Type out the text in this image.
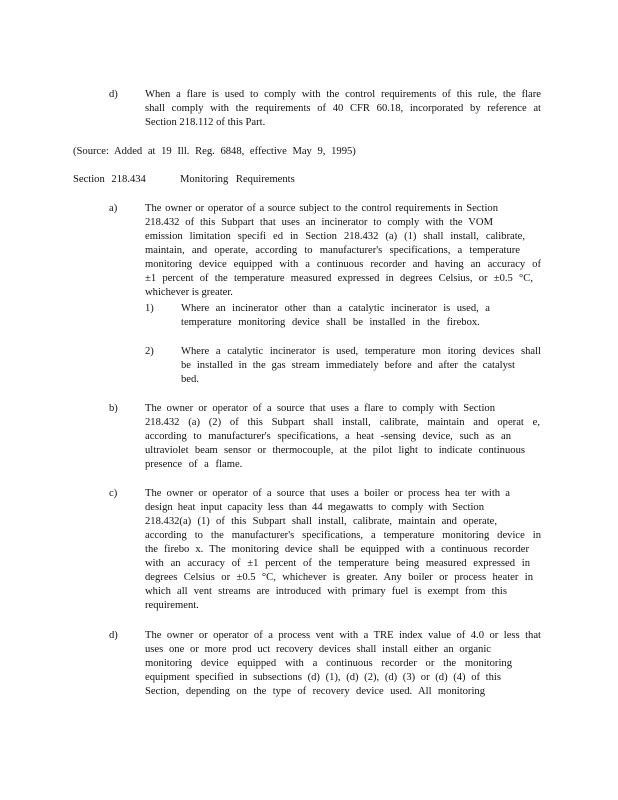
d)	When a flare is used to comply with the control requirements of this rule, the flare
shall comply with the requirements of 40 CFR 60.18, incorporated by reference at
Section 218.112 of this Part.
(Source: Added at 19 Ill. Reg. 6848, effective May 9, 1995)
Section 218.434	Monitoring Requirements
a)	The owner or operator of a source subject to the control requirements in Section
218.432 of this Subpart that uses an incinerator to comply with the VOM
emission limitation specifi ed in Section 218.432 (a) (1) shall install, calibrate,
maintain, and operate, according to manufacturer's specifications, a temperature
monitoring device equipped with a continuous recorder and having an accuracy of
±1 percent of the temperature measured expressed in degrees Celsius, or ±0.5 °C,
whichever is greater.
1)	Where an incinerator other than a catalytic incinerator is used, a
temperature monitoring device shall be installed in the firebox.
2)	Where a catalytic incinerator is used, temperature mon itoring devices shall
be installed in the gas stream immediately before and after the catalyst
bed.
b)	The owner or operator of a source that uses a flare to comply with Section
218.432 (a) (2) of this Subpart shall install, calibrate, maintain and operat e,
according to manufacturer's specifications, a heat -sensing device, such as an
ultraviolet beam sensor or thermocouple, at the pilot light to indicate continuous
presence of a flame.
c)	The owner or operator of a source that uses a boiler or process hea ter with a
design heat input capacity less than 44 megawatts to comply with Section
218.432(a) (1) of this Subpart shall install, calibrate, maintain and operate,
according to the manufacturer's specifications, a temperature monitoring device in
the firebo x. The monitoring device shall be equipped with a continuous recorder
with an accuracy of ±1 percent of the temperature being measured expressed in
degrees Celsius or ±0.5 °C, whichever is greater. Any boiler or process heater in
which all vent streams are introduced with primary fuel is exempt from this
requirement.
d)	The owner or operator of a process vent with a TRE index value of 4.0 or less that
uses one or more prod uct recovery devices shall install either an organic
monitoring device equipped with a continuous recorder or the monitoring
equipment specified in subsections (d) (1), (d) (2), (d) (3) or (d) (4) of this
Section, depending on the type of recovery device used. All monitoring
